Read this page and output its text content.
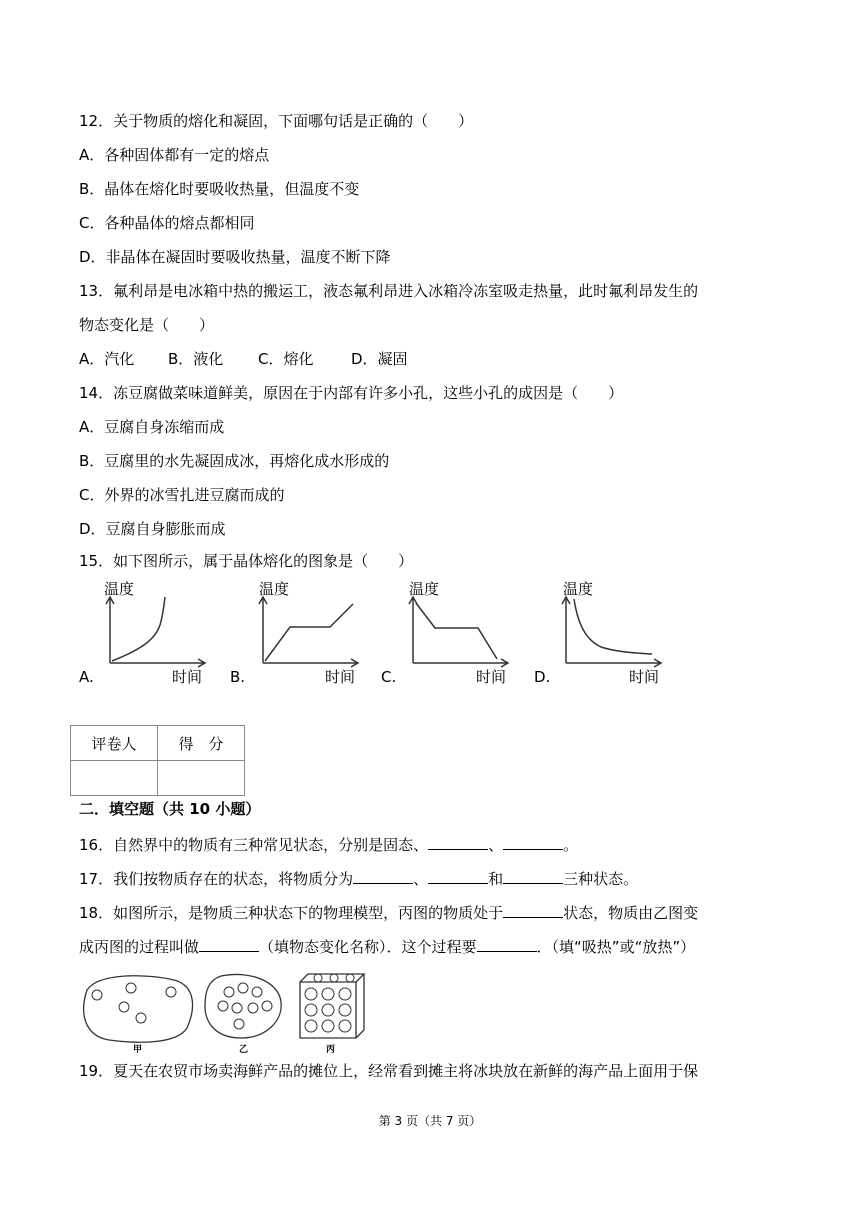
12．关于物质的熔化和凝固，下面哪句话是正确的（　　）
A．各种固体都有一定的熔点
B．晶体在熔化时要吸收热量，但温度不变
C．各种晶体的熔点都相同
D．非晶体在凝固时要吸收热量，温度不断下降
13．氟利昂是电冰箱中热的搬运工，液态氟利昂进入冰箱冷冻室吸走热量，此时氟利昂发生的
物态变化是（　　）
A．汽化 B．液化 C．熔化	D．凝固
14．冻豆腐做菜味道鲜美，原因在于内部有许多小孔，这些小孔的成因是（　　）
A．豆腐自身冻缩而成
B．豆腐里的水先凝固成冰，再熔化成水形成的
C．外界的冰雪扎进豆腐而成的
D．豆腐自身膨胀而成
15．如下图所示，属于晶体熔化的图象是（　　）
A.
温度
时间 B.
温度
时间 C.
温度
时间 D.
温度
时间
评卷人	得　分

二．填空题（共 10 小题）
16．自然界中的物质有三种常见状态，分别是固态、	、	。
17．我们按物质存在的状态，将物质分为	、	和	三种状态。
18．如图所示，是物质三种状态下的物理模型，丙图的物质处于	状态，物质由乙图变
成丙图的过程叫做	（填物态变化名称）．这个过程要	．（填“吸热”或“放热”）
甲	乙	丙
19．夏天在农贸市场卖海鲜产品的摊位上，经常看到摊主将冰块放在新鲜的海产品上面用于保
第 3 页（共 7 页）
